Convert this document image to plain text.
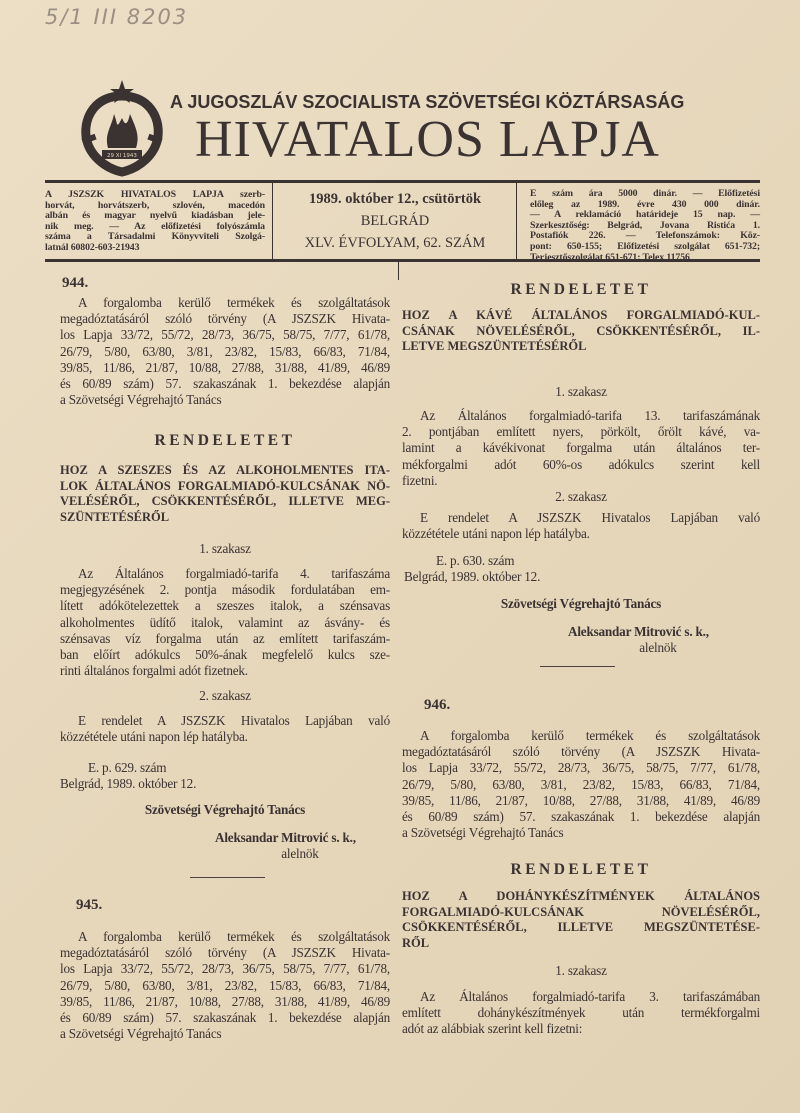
5/1 III 8203
29 XI 1943
A JUGOSZLÁV SZOCIALISTA SZÖVETSÉGI KÖZTÁRSASÁG
HIVATALOS LAPJA
A JSZSZK HIVATALOS LAPJA szerb-
horvát, horvátszerb, szlovén, macedón
albán és magyar nyelvű kiadásban jele-
nik meg. — Az előfizetési folyószámla
száma a Társadalmi Könyvviteli Szolgá-
latnál 60802-603-21943
1989. október 12., csütörtök
BELGRÁD
XLV. ÉVFOLYAM, 62. SZÁM
E szám ára 5000 dinár. — Előfizetési
előleg az 1989. évre 430 000 dinár.
— A reklamáció határideje 15 nap. —
Szerkesztőség: Belgrád, Jovana Ristića 1.
Postafiók 226. — Telefonszámok: Köz-
pont: 650-155; Előfizetési szolgálat 651-732;
Terjesztőszolgálat 651-671; Telex 11756
944.
A forgalomba kerülő termékek és szolgáltatások
megadóztatásáról szóló törvény (A JSZSZK Hivata-
los Lapja 33/72, 55/72, 28/73, 36/75, 58/75, 7/77, 61/78,
26/79, 5/80, 63/80, 3/81, 23/82, 15/83, 66/83, 71/84,
39/85, 11/86, 21/87, 10/88, 27/88, 31/88, 41/89, 46/89
és 60/89 szám) 57. szakaszának 1. bekezdése alapján
a Szövetségi Végrehajtó Tanács
RENDELETET
HOZ A SZESZES ÉS AZ ALKOHOLMENTES ITA-
LOK ÁLTALÁNOS FORGALMIADÓ-KULCSÁNAK NÖ-
VELÉSÉRŐL, CSÖKKENTÉSÉRŐL, ILLETVE MEG-
SZÜNTETÉSÉRŐL
1. szakasz
Az Általános forgalmiadó-tarifa 4. tarifaszáma
megjegyzésének 2. pontja második fordulatában em-
lített adókötelezettek a szeszes italok, a szénsavas
alkoholmentes üdítő italok, valamint az ásvány- és
szénsavas víz forgalma után az említett tarifaszám-
ban előírt adókulcs 50%-ának megfelelő kulcs sze-
rinti általános forgalmi adót fizetnek.
2. szakasz
E rendelet A JSZSZK Hivatalos Lapjában való
közzététele utáni napon lép hatályba.
E. p. 629. szám
Belgrád, 1989. október 12.
Szövetségi Végrehajtó Tanács
Aleksandar Mitrović s. k.,
alelnök
945.
A forgalomba kerülő termékek és szolgáltatások
megadóztatásáról szóló törvény (A JSZSZK Hivata-
los Lapja 33/72, 55/72, 28/73, 36/75, 58/75, 7/77, 61/78,
26/79, 5/80, 63/80, 3/81, 23/82, 15/83, 66/83, 71/84,
39/85, 11/86, 21/87, 10/88, 27/88, 31/88, 41/89, 46/89
és 60/89 szám) 57. szakaszának 1. bekezdése alapján
a Szövetségi Végrehajtó Tanács
RENDELETET
HOZ A KÁVÉ ÁLTALÁNOS FORGALMIADÓ-KUL-
CSÁNAK NÖVELÉSÉRŐL, CSÖKKENTÉSÉRŐL, IL-
LETVE MEGSZÜNTETÉSÉRŐL
1. szakasz
Az Általános forgalmiadó-tarifa 13. tarifaszámának
2. pontjában említett nyers, pörkölt, őrölt kávé, va-
lamint a kávékivonat forgalma után általános ter-
mékforgalmi adót 60%-os adókulcs szerint kell
fizetni.
2. szakasz
E rendelet A JSZSZK Hivatalos Lapjában való
közzététele utáni napon lép hatályba.
E. p. 630. szám
Belgrád, 1989. október 12.
Szövetségi Végrehajtó Tanács
Aleksandar Mitrović s. k.,
alelnök
946.
A forgalomba kerülő termékek és szolgáltatások
megadóztatásáról szóló törvény (A JSZSZK Hivata-
los Lapja 33/72, 55/72, 28/73, 36/75, 58/75, 7/77, 61/78,
26/79, 5/80, 63/80, 3/81, 23/82, 15/83, 66/83, 71/84,
39/85, 11/86, 21/87, 10/88, 27/88, 31/88, 41/89, 46/89
és 60/89 szám) 57. szakaszának 1. bekezdése alapján
a Szövetségi Végrehajtó Tanács
RENDELETET
HOZ A DOHÁNYKÉSZÍTMÉNYEK ÁLTALÁNOS
FORGALMIADÓ-KULCSÁNAK NÖVELÉSÉRŐL,
CSÖKKENTÉSÉRŐL, ILLETVE MEGSZÜNTETÉSE-
RŐL
1. szakasz
Az Általános forgalmiadó-tarifa 3. tarifaszámában
említett dohánykészítmények után termékforgalmi
adót az alábbiak szerint kell fizetni:
